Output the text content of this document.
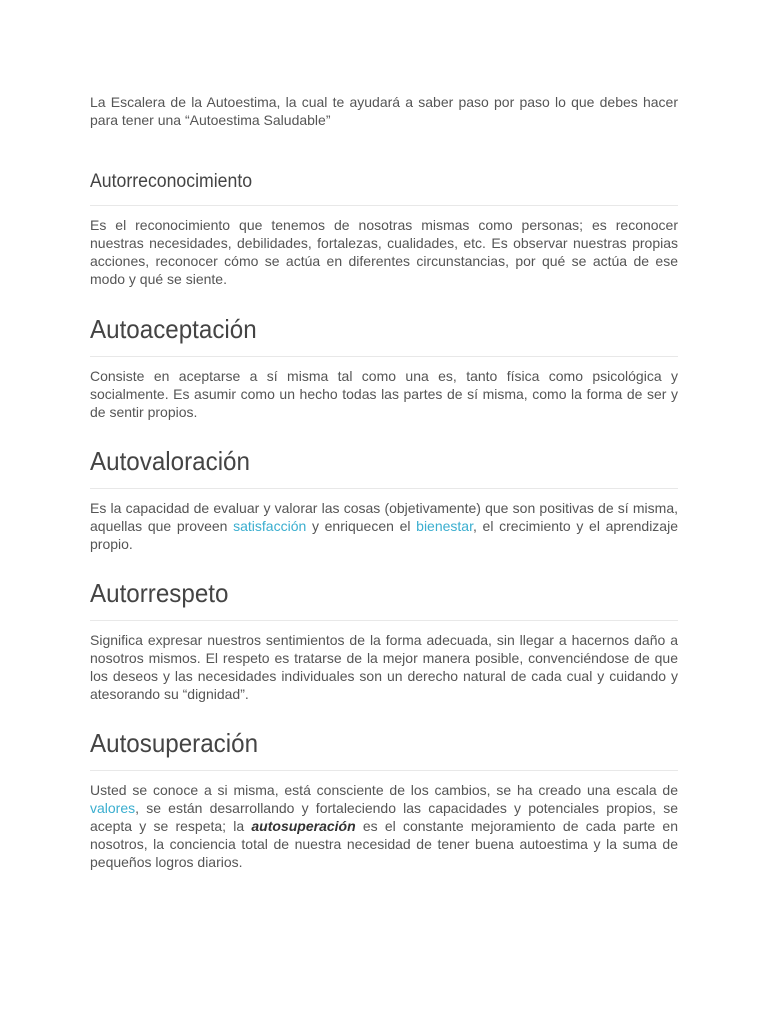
La Escalera de la Autoestima, la cual te ayudará a saber paso por paso lo que debes hacer para tener una “Autoestima Saludable”

Autorreconocimiento

Es el reconocimiento que tenemos de nosotras mismas como personas; es reconocer nuestras necesidades, debilidades, fortalezas, cualidades, etc. Es observar nuestras propias acciones, reconocer cómo se actúa en diferentes circunstancias, por qué se actúa de ese modo y qué se siente.

Autoaceptación

Consiste en aceptarse a sí misma tal como una es, tanto física como psicológica y socialmente. Es asumir como un hecho todas las partes de sí misma, como la forma de ser y de sentir propios.

Autovaloración

Es la capacidad de evaluar y valorar las cosas (objetivamente) que son positivas de sí misma, aquellas que proveen satisfacción y enriquecen el bienestar, el crecimiento y el aprendizaje propio.

Autorrespeto

Significa expresar nuestros sentimientos de la forma adecuada, sin llegar a hacernos daño a nosotros mismos. El respeto es tratarse de la mejor manera posible, convenciéndose de que los deseos y las necesidades individuales son un derecho natural de cada cual y cuidando y atesorando su “dignidad”.

Autosuperación

Usted se conoce a si misma, está consciente de los cambios, se ha creado una escala de valores, se están desarrollando y fortaleciendo las capacidades y potenciales propios, se acepta y se respeta; la autosuperación es el constante mejoramiento de cada parte en nosotros, la conciencia total de nuestra necesidad de tener buena autoestima y la suma de pequeños logros diarios.
